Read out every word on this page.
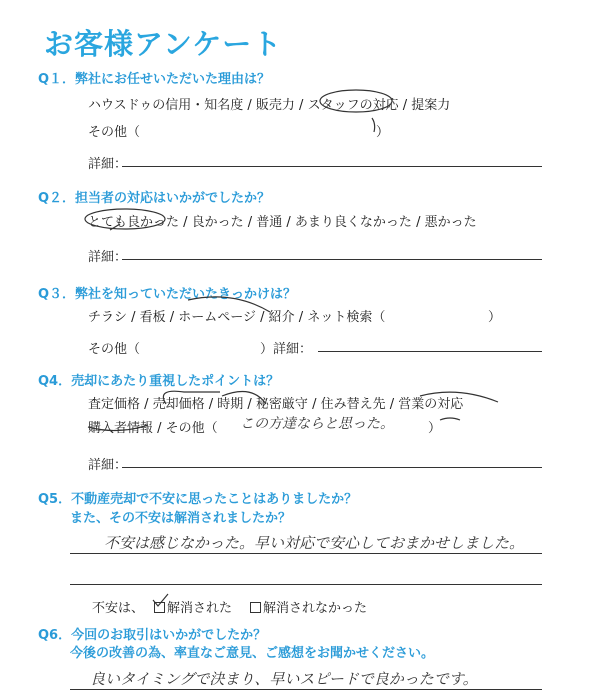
お客様アンケート
Q１．弊社にお任せいただいた理由は？
ハウスドゥの信用・知名度 / 販売力 / スタッフの対応 / 提案力
その他（	）
詳細：
Q２．担当者の対応はいかがでしたか？
とても良かった / 良かった / 普通 / あまり良くなかった / 悪かった
詳細：
Q３．弊社を知っていただいたきっかけは？
チラシ / 看板 / ホームページ / 紹介 / ネット検索（	）
その他（	）詳細：
Q4．売却にあたり重視したポイントは？
査定価格 / 売却価格 / 時期 / 秘密厳守 / 住み替え先 / 営業の対応
購入者情報 / その他（ この方達ならと思った。	）
詳細：
Q5．不動産売却で不安に思ったことはありましたか？
また、その不安は解消されましたか？
不安は感じなかった。早い対応で安心しておまかせしました。
不安は、	解消された	解消されなかった
Q6．今回のお取引はいかがでしたか？
今後の改善の為、率直なご意見、ご感想をお聞かせください。
良いタイミングで決まり、早いスピードで良かったです。
